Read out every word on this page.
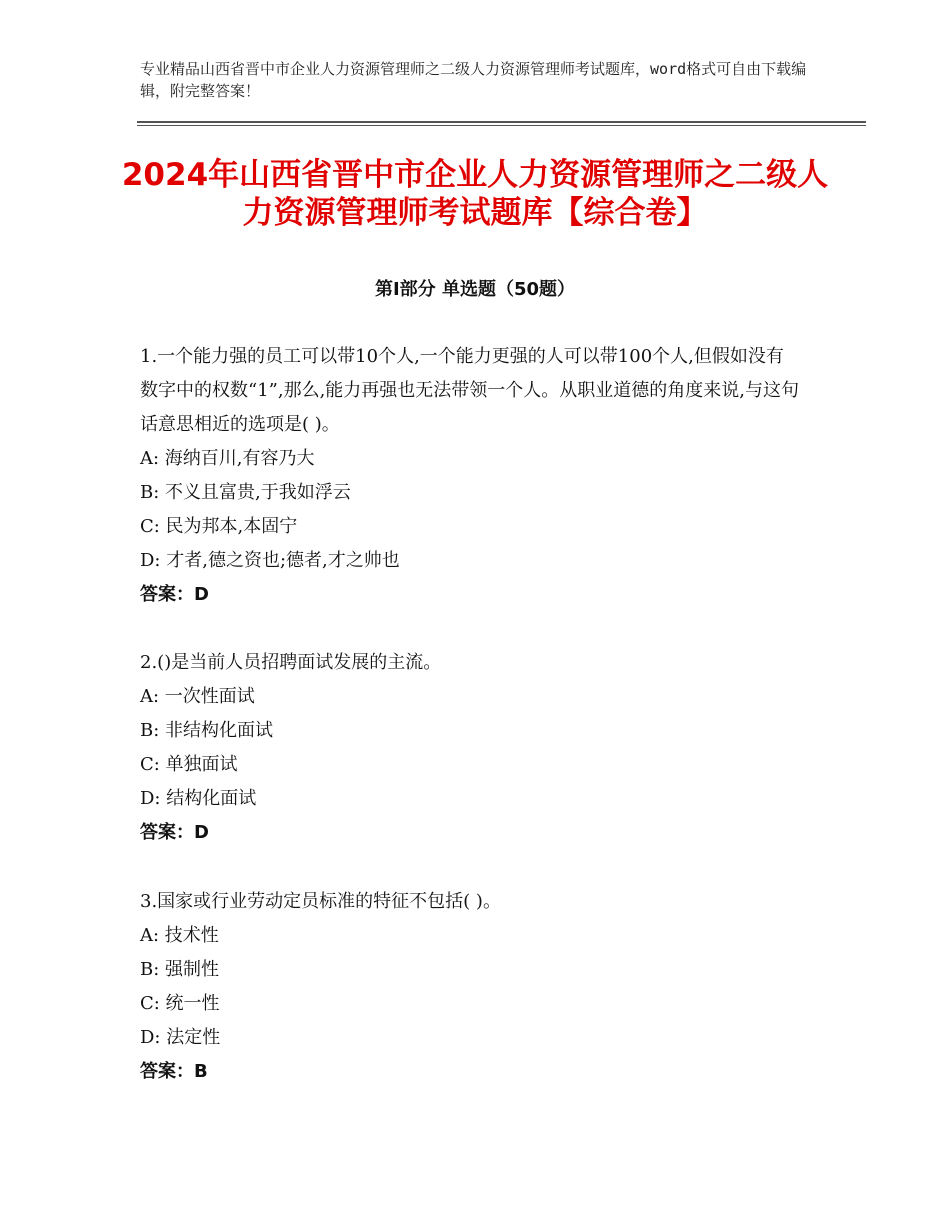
专业精品山西省晋中市企业人力资源管理师之二级人力资源管理师考试题库，word格式可自由下载编辑，附完整答案！
2024年山西省晋中市企业人力资源管理师之二级人力资源管理师考试题库【综合卷】
第Ⅰ部分 单选题（50题）

1.一个能力强的员工可以带10个人,一个能力更强的人可以带100个人,但假如没有数字中的权数“1”,那么,能力再强也无法带领一个人。从职业道德的角度来说,与这句话意思相近的选项是( )。

A: 海纳百川,有容乃大

B: 不义且富贵,于我如浮云

C: 民为邦本,本固宁

D: 才者,德之资也;德者,才之帅也

答案：D

2.()是当前人员招聘面试发展的主流。

A: 一次性面试

B: 非结构化面试

C: 单独面试

D: 结构化面试

答案：D

3.国家或行业劳动定员标准的特征不包括( )。

A: 技术性

B: 强制性

C: 统一性

D: 法定性

答案：B
